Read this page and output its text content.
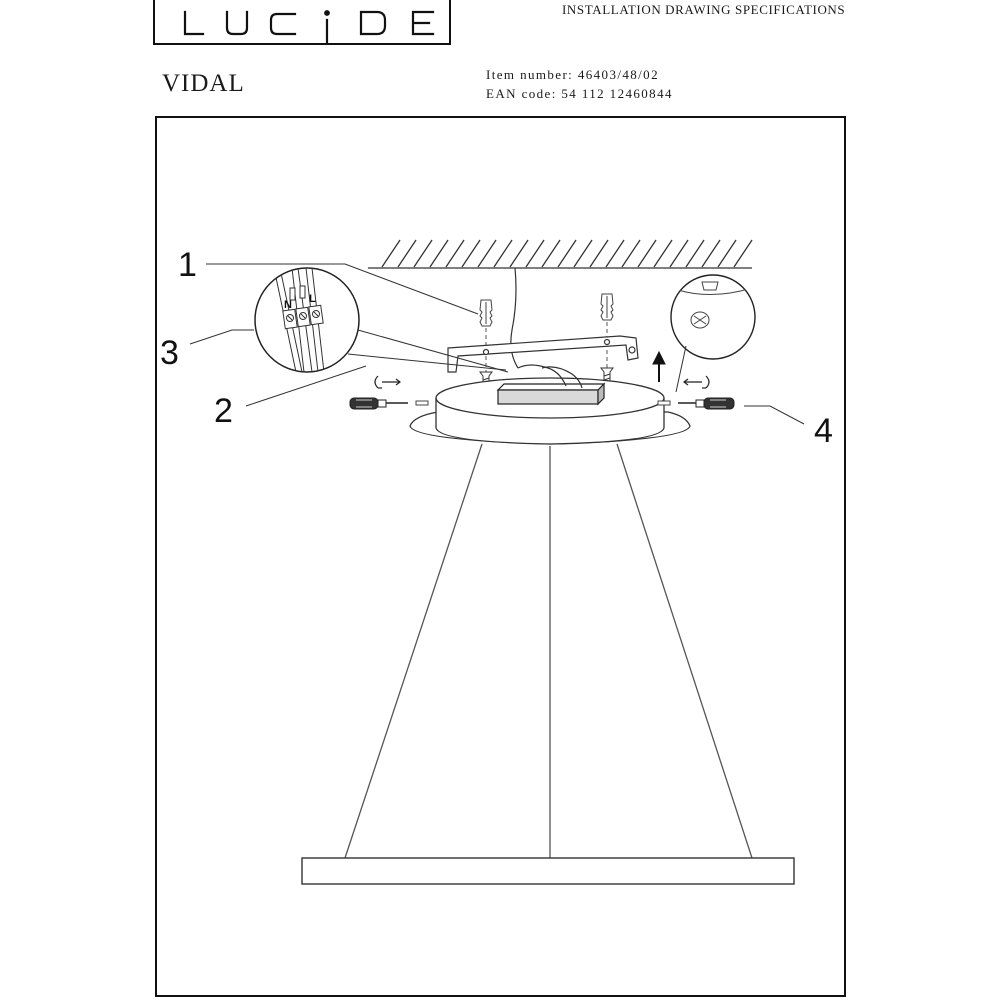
INSTALLATION DRAWING SPECIFICATIONS
VIDAL	Item number: 46403/48/02
EAN code: 54 112 12460844
N L
1
2
3
4
